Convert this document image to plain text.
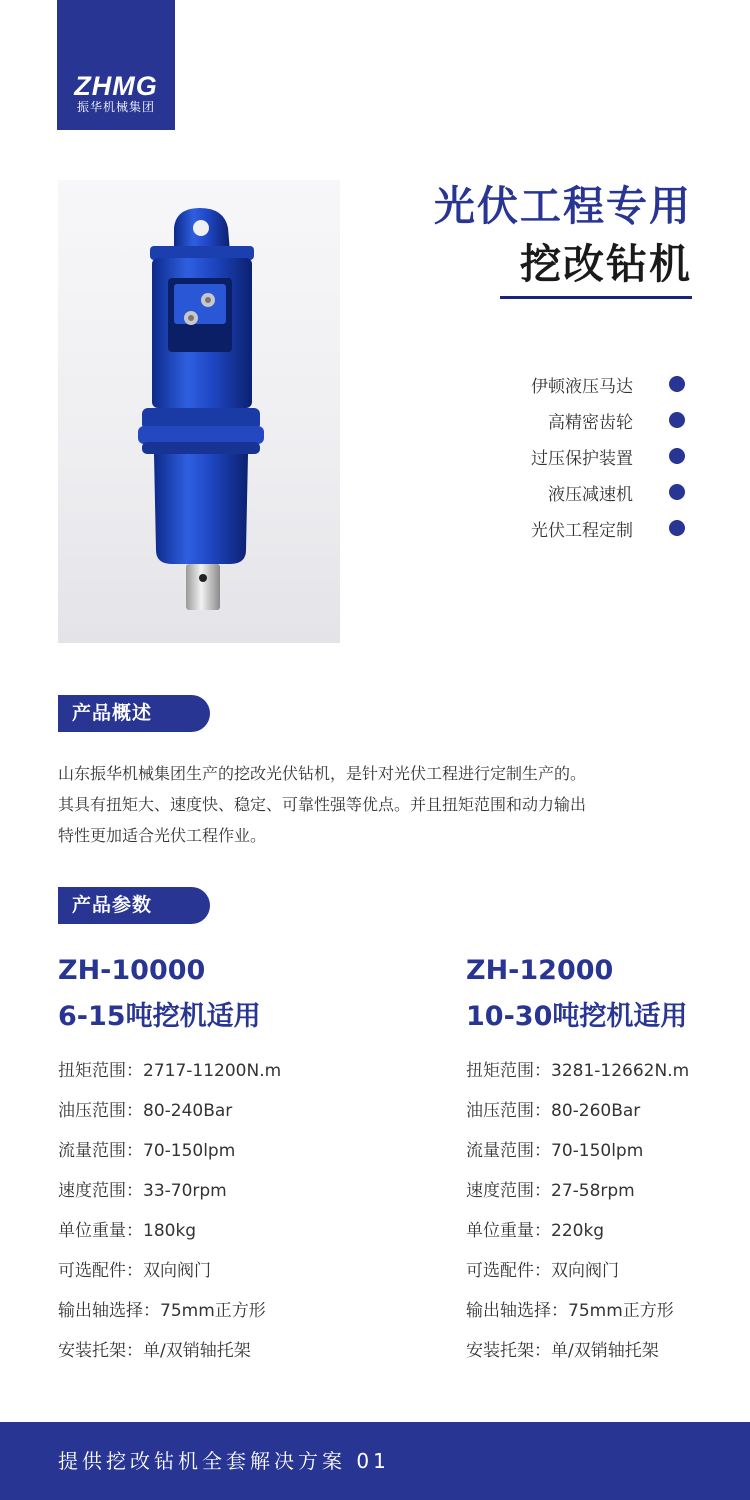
ZHMG
振华机械集团
光伏工程专用
挖改钻机
伊顿液压马达
高精密齿轮
过压保护装置
液压减速机
光伏工程定制
产品概述
山东振华机械集团生产的挖改光伏钻机，是针对光伏工程进行定制生产的。
其具有扭矩大、速度快、稳定、可靠性强等优点。并且扭矩范围和动力输出
特性更加适合光伏工程作业。
产品参数
ZH-10000
6-15吨挖机适用
扭矩范围：2717-11200N.m
油压范围：80-240Bar
流量范围：70-150lpm
速度范围：33-70rpm
单位重量：180kg
可选配件：双向阀门
输出轴选择：75mm正方形
安装托架：单/双销轴托架
ZH-12000
10-30吨挖机适用
扭矩范围：3281-12662N.m
油压范围：80-260Bar
流量范围：70-150lpm
速度范围：27-58rpm
单位重量：220kg
可选配件：双向阀门
输出轴选择：75mm正方形
安装托架：单/双销轴托架
提供挖改钻机全套解决方案 01
